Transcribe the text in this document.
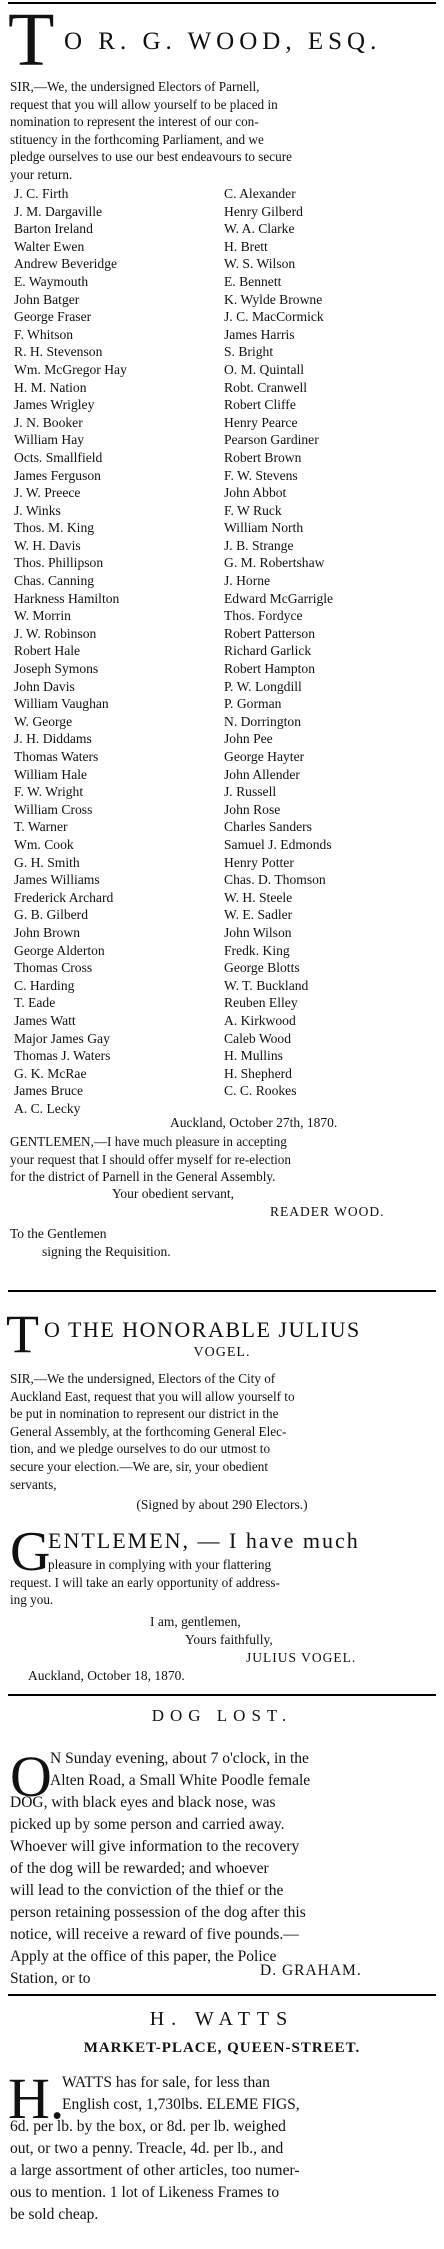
T O R. G. WOOD, ESQ.
SIR,—We, the undersigned Electors of Parnell,
request that you will allow yourself to be placed in
nomination to represent the interest of our con-
stituency in the forthcoming Parliament, and we
pledge ourselves to use our best endeavours to secure
your return.
J. C. Firth
J. M. Dargaville
Barton Ireland
Walter Ewen
Andrew Beveridge
E. Waymouth
John Batger
George Fraser
F. Whitson
R. H. Stevenson
Wm. McGregor Hay
H. M. Nation
James Wrigley
J. N. Booker
William Hay
Octs. Smallfield
James Ferguson
J. W. Preece
J. Winks
Thos. M. King
W. H. Davis
Thos. Phillipson
Chas. Canning
Harkness Hamilton
W. Morrin
J. W. Robinson
Robert Hale
Joseph Symons
John Davis
William Vaughan
W. George
J. H. Diddams
Thomas Waters
William Hale
F. W. Wright
William Cross
T. Warner
Wm. Cook
G. H. Smith
James Williams
Frederick Archard
G. B. Gilberd
John Brown
George Alderton
Thomas Cross
C. Harding
T. Eade
James Watt
Major James Gay
Thomas J. Waters
G. K. McRae
James Bruce
A. C. Lecky
C. Alexander
Henry Gilberd
W. A. Clarke
H. Brett
W. S. Wilson
E. Bennett
K. Wylde Browne
J. C. MacCormick
James Harris
S. Bright
O. M. Quintall
Robt. Cranwell
Robert Cliffe
Henry Pearce
Pearson Gardiner
Robert Brown
F. W. Stevens
John Abbot
F. W Ruck
William North
J. B. Strange
G. M. Robertshaw
J. Horne
Edward McGarrigle
Thos. Fordyce
Robert Patterson
Richard Garlick
Robert Hampton
P. W. Longdill
P. Gorman
N. Dorrington
John Pee
George Hayter
John Allender
J. Russell
John Rose
Charles Sanders
Samuel J. Edmonds
Henry Potter
Chas. D. Thomson
W. H. Steele
W. E. Sadler
John Wilson
Fredk. King
George Blotts
W. T. Buckland
Reuben Elley
A. Kirkwood
Caleb Wood
H. Mullins
H. Shepherd
C. C. Rookes
Auckland, October 27th, 1870.
GENTLEMEN,—I have much pleasure in accepting
your request that I should offer myself for re-election
for the district of Parnell in the General Assembly.
Your obedient servant,
READER WOOD.
To the Gentlemen
signing the Requisition.
T O THE HONORABLE JULIUS
VOGEL.
SIR,—We the undersigned, Electors of the City of
Auckland East, request that you will allow yourself to
be put in nomination to represent our district in the
General Assembly, at the forthcoming General Elec-
tion, and we pledge ourselves to do our utmost to
secure your election.—We are, sir, your obedient
servants,
(Signed by about 290 Electors.)
G
ENTLEMEN, — I have much
pleasure in complying with your flattering
request. I will take an early opportunity of address-
ing you.
I am, gentlemen,
Yours faithfully,
JULIUS VOGEL.
Auckland, October 18, 1870.
DOG LOST.
O
N Sunday evening, about 7 o'clock, in the
Alten Road, a Small White Poodle female
DOG, with black eyes and black nose, was
picked up by some person and carried away.
Whoever will give information to the recovery
of the dog will be rewarded; and whoever
will lead to the conviction of the thief or the
person retaining possession of the dog after this
notice, will receive a reward of five pounds.—
Apply at the office of this paper, the Police
Station, or to	D. GRAHAM.
H. WATTS
MARKET-PLACE, QUEEN-STREET.
H.
WATTS has for sale, for less than
English cost, 1,730lbs. ELEME FIGS,
6d. per lb. by the box, or 8d. per lb. weighed
out, or two a penny. Treacle, 4d. per lb., and
a large assortment of other articles, too numer-
ous to mention. 1 lot of Likeness Frames to
be sold cheap.
